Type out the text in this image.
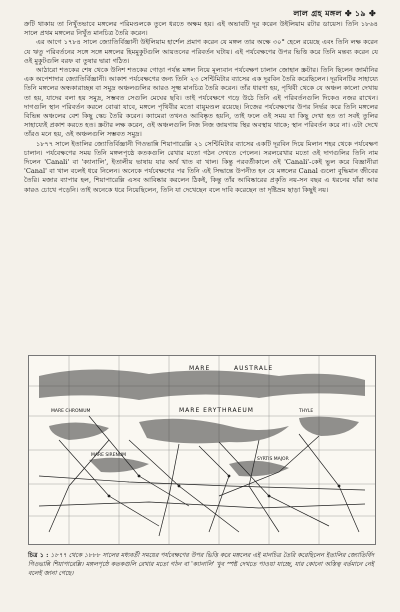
লাল গ্রহ মঙ্গল ✤ ১৯ ✤

ক্রটি থাকায় তা নিখুঁতভাবে মঙ্গলের পরিমণ্ডলকে তুলে ধরতে অক্ষম হয়। এই অভাবটি দূর করেন উইলিয়াম রটার ডায়েস। তিনি ১৮৬৪ সালে প্রথম মঙ্গলের নিখুঁত মানচিত্র তৈরি করেন।

এর আগে ১৭৮৪ সালে জ্যোতির্বিজ্ঞানী উইলিয়াম হার্শেল প্রমাণ করেন যে মঙ্গল তার অক্ষে ৩০° হেলে রয়েছে এবং তিনি লক্ষ করেন যে ঋতু পরিবর্তনের সঙ্গে সঙ্গে মঙ্গলের হিমমুকুটগুলি আয়তনের পরিবর্তন ঘটায়। এই পর্যবেক্ষণের উপর ভিত্তি করে তিনি মন্তব্য করেন যে ওই মুকুটগুলি বরফ বা তুষার দ্বারা গঠিত।

আঠারো শতকের শেষ থেকে উনিশ শতকের গোড়া পর্যন্ত মঙ্গল নিয়ে মূল্যবান পর্যবেক্ষণ চালান জোহান স্ক্রটার। তিনি ছিলেন জার্মানির এক অপেশাদার জ্যোতির্বিজ্ঞানী। আকাশ পর্যবেক্ষণের জন্য তিনি ২৩ সেন্টিমিটার ব্যাসের এক দূরবিন তৈরি করেছিলেন। দূরবিনটির সাহায্যে তিনি মঙ্গলের অন্ধকারাচ্ছন্ন বা সমুদ্র অঞ্চলগুলির আরও সূক্ষ্ম মানচিত্র তৈরি করেন। তাঁর ধারণা হয়, পৃথিবী থেকে যে অঞ্চল কালো দেখায় তা হয়, যাদের বলা হয় সমুদ্র, সম্ভবত সেগুলি মেঘের ছবি। তাই পর্যবেক্ষণে গড়ে উঠে তিনি এই পরিবর্তনগুলি দিকেও নজর রাখেন। দাগগুলি স্থান পরিবর্তন করলে বোঝা যাবে, মঙ্গলে পৃথিবীর মতো বায়ুমণ্ডল রয়েছে। নিজের পর্যবেক্ষণের উপর নির্ভর করে তিনি মঙ্গলের বিভিন্ন অঞ্চলের বেশ কিছু স্কেচ তৈরি করেন। ক্যামেরা তখনও আবিষ্কৃত হয়নি, তাই ফলে ওই সময় যা কিছু দেখা হত তা সবই তুলির সাহায্যেই প্রকাশ করতে হত। স্ক্রটার লক্ষ করেন, ওই অঞ্চলগুলি নিজ নিজ জায়গায় স্থির অবস্থায় থাকে; স্থান পরিবর্তন করে না। এটা দেখে তাঁরও মনে হয়, ওই অঞ্চলগুলি সম্ভবত সমুদ্র।

১৮৭৭ সালে ইতালির জ্যোতির্বিজ্ঞানী গিওভান্নি শিয়াপারেল্লি ২১ সেন্টিমিটার ব্যাসের একটি দূরবিন দিয়ে মিলান শহর থেকে পর্যবেক্ষণ চালান। পর্যবেক্ষণের সময় তিনি মঙ্গলপৃষ্ঠে কতকগুলি রেখার মতো গঠন দেখতে পেলেন। সরলরেখার মতো ওই দাগগুলির তিনি নাম দিলেন 'Canali' বা 'ক্যানালি', ইতালীয় ভাষায় যার অর্থ খাত বা খাল। কিন্তু পরবর্তীকালে ওই 'Canali'-কেই ভুল করে বিজ্ঞানীরা 'Canal' বা খাল বলেই ধরে নিলেন। অনেকে পর্যবেক্ষণের পর তিনি এই সিদ্ধান্তে উপনীত হন যে মঙ্গলের Canal গুলো বুদ্ধিমান জীবের তৈরি। মজার ব্যাপার হল, শিয়াপারেল্লি এসব আবিষ্কার করলেন ঠিকই, কিন্তু তাঁর আবিষ্কারের প্রকৃতি নয়-সন বছর এ ধরনের যাঁরা আর কারও চোখে পড়েনি। তাই অনেকে ধরে নিয়েছিলেন, তিনি যা দেখেছেন বলে দাবি করেছেন তা দৃষ্টিভ্রম ছাড়া কিছুই নয়।

MARE	AUSTRALE
MARE ERYTHRAEUM
MARE CHRONIUM
MARE SIRENUM
THYLE
SYRTIS MAJOR
চিত্র ১ : ১৮৭৭ থেকে ১৮৮৮ সালের মধ্যবর্তী সময়ের পর্যবেক্ষণের উপর ভিত্তি করে মঙ্গলের এই মানচিত্র তৈরি করেছিলেন ইতালির জ্যোতির্বিদ গিওভান্নি শিয়াপারেল্লি। মঙ্গলপৃষ্ঠে কতকগুলি রেখার মতো গঠন বা 'ক্যানালি' খুব স্পষ্ট দেখতে পাওয়া যাচ্ছে, যার কোনো অস্তিত্ব বর্তমানে নেই বলেই জানা গেছে।
